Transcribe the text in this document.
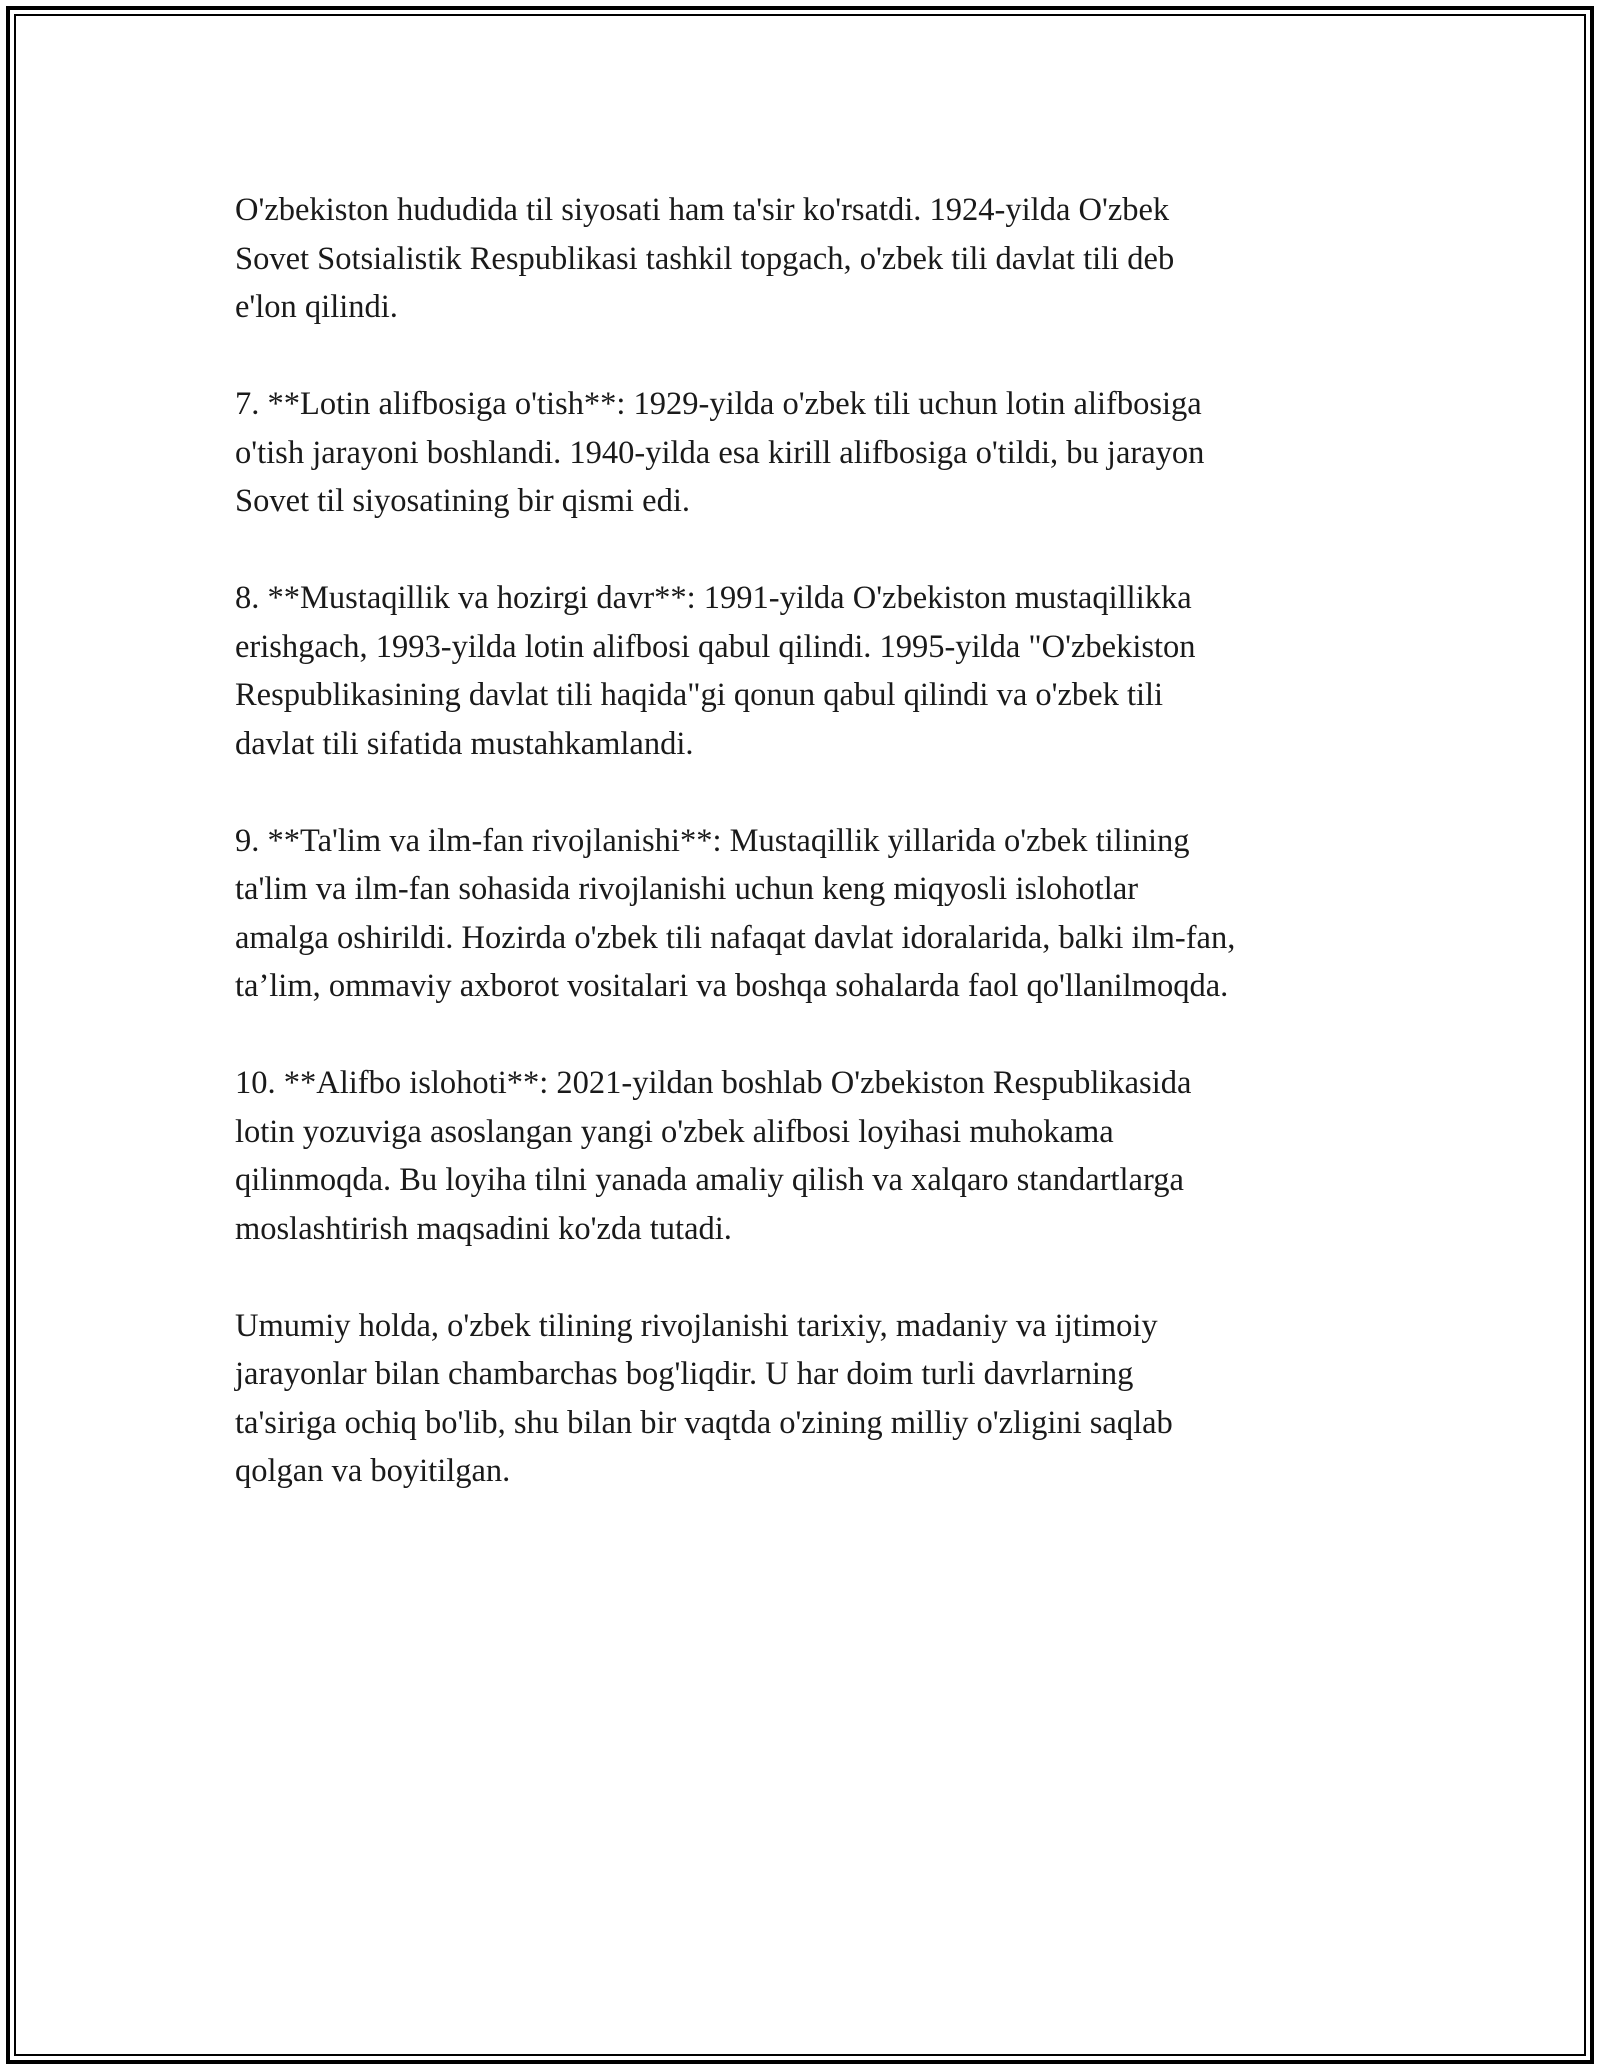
O'zbekiston hududida til siyosati ham ta'sir ko'rsatdi. 1924-yilda O'zbek
Sovet Sotsialistik Respublikasi tashkil topgach, o'zbek tili davlat tili deb
e'lon qilindi.

7. **Lotin alifbosiga o'tish**: 1929-yilda o'zbek tili uchun lotin alifbosiga
o'tish jarayoni boshlandi. 1940-yilda esa kirill alifbosiga o'tildi, bu jarayon
Sovet til siyosatining bir qismi edi.

8. **Mustaqillik va hozirgi davr**: 1991-yilda O'zbekiston mustaqillikka
erishgach, 1993-yilda lotin alifbosi qabul qilindi. 1995-yilda "O'zbekiston
Respublikasining davlat tili haqida"gi qonun qabul qilindi va o'zbek tili
davlat tili sifatida mustahkamlandi.

9. **Ta'lim va ilm-fan rivojlanishi**: Mustaqillik yillarida o'zbek tilining
ta'lim va ilm-fan sohasida rivojlanishi uchun keng miqyosli islohotlar
amalga oshirildi. Hozirda o'zbek tili nafaqat davlat idoralarida, balki ilm-fan,
ta’lim, ommaviy axborot vositalari va boshqa sohalarda faol qo'llanilmoqda.

10. **Alifbo islohoti**: 2021-yildan boshlab O'zbekiston Respublikasida
lotin yozuviga asoslangan yangi o'zbek alifbosi loyihasi muhokama
qilinmoqda. Bu loyiha tilni yanada amaliy qilish va xalqaro standartlarga
moslashtirish maqsadini ko'zda tutadi.

Umumiy holda, o'zbek tilining rivojlanishi tarixiy, madaniy va ijtimoiy
jarayonlar bilan chambarchas bog'liqdir. U har doim turli davrlarning
ta'siriga ochiq bo'lib, shu bilan bir vaqtda o'zining milliy o'zligini saqlab
qolgan va boyitilgan.
